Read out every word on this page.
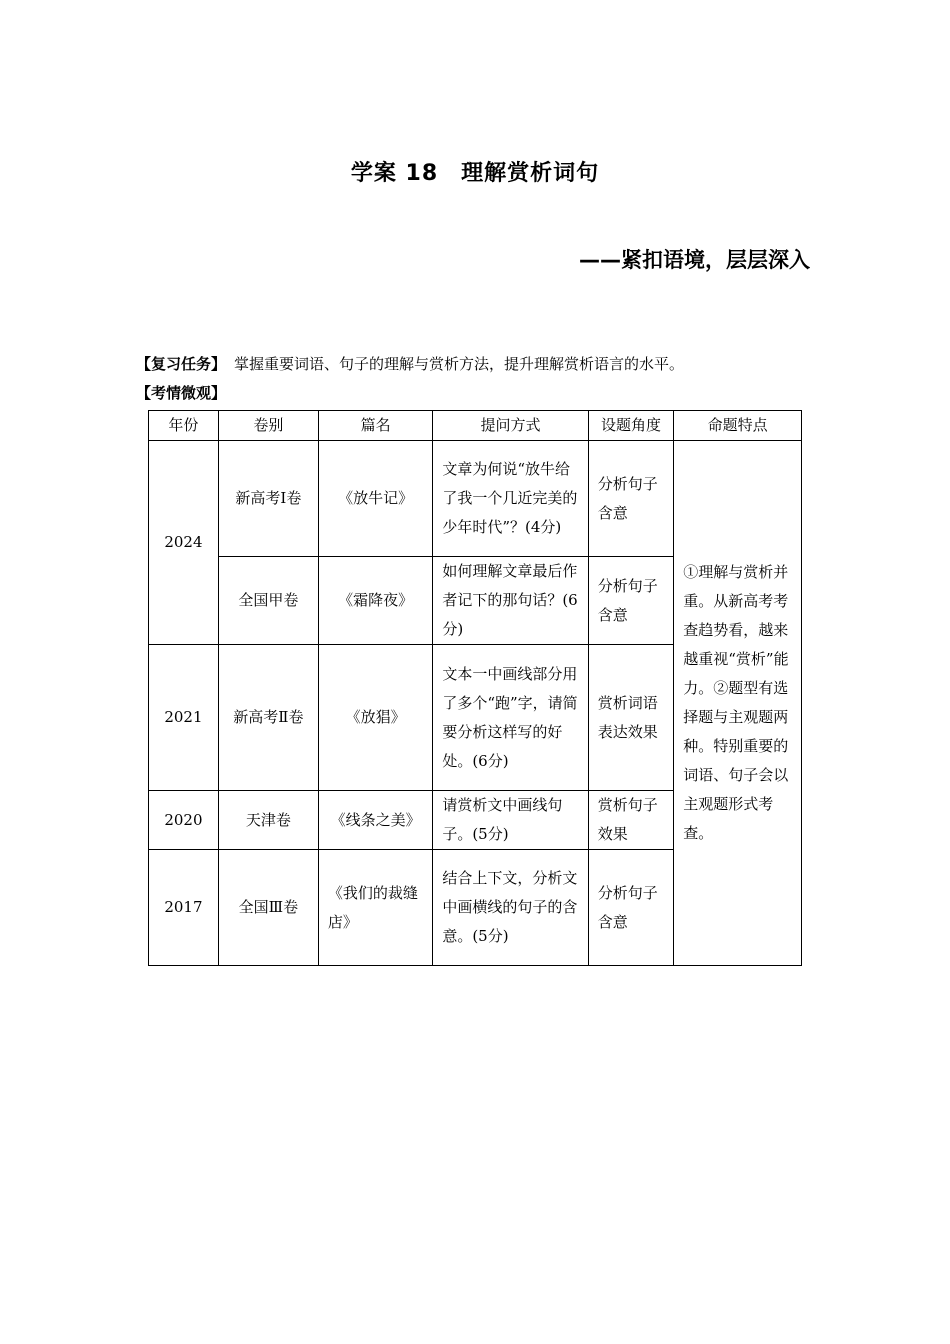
学案 18　理解赏析词句
——紧扣语境，层层深入
【复习任务】 掌握重要词语、句子的理解与赏析方法，提升理解赏析语言的水平。
【考情微观】
年份	卷别	篇名	提问方式	设题角度	命题特点
2024	新高考Ⅰ卷	《放牛记》	文章为何说“放牛给了我一个几近完美的少年时代”？(4分)	分析句子含意	①理解与赏析并重。从新高考考查趋势看，越来越重视“赏析”能力。②题型有选择题与主观题两种。特别重要的词语、句子会以主观题形式考查。
	全国甲卷	《霜降夜》	如何理解文章最后作者记下的那句话？(6分)	分析句子含意	
2021	新高考Ⅱ卷	《放猖》	文本一中画线部分用了多个“跑”字，请简要分析这样写的好处。(6分)	赏析词语表达效果	
2020	天津卷	《线条之美》	请赏析文中画线句子。(5分)	赏析句子效果	
2017	全国Ⅲ卷	《我们的裁缝店》	结合上下文，分析文中画横线的句子的含意。(5分)	分析句子含意	
